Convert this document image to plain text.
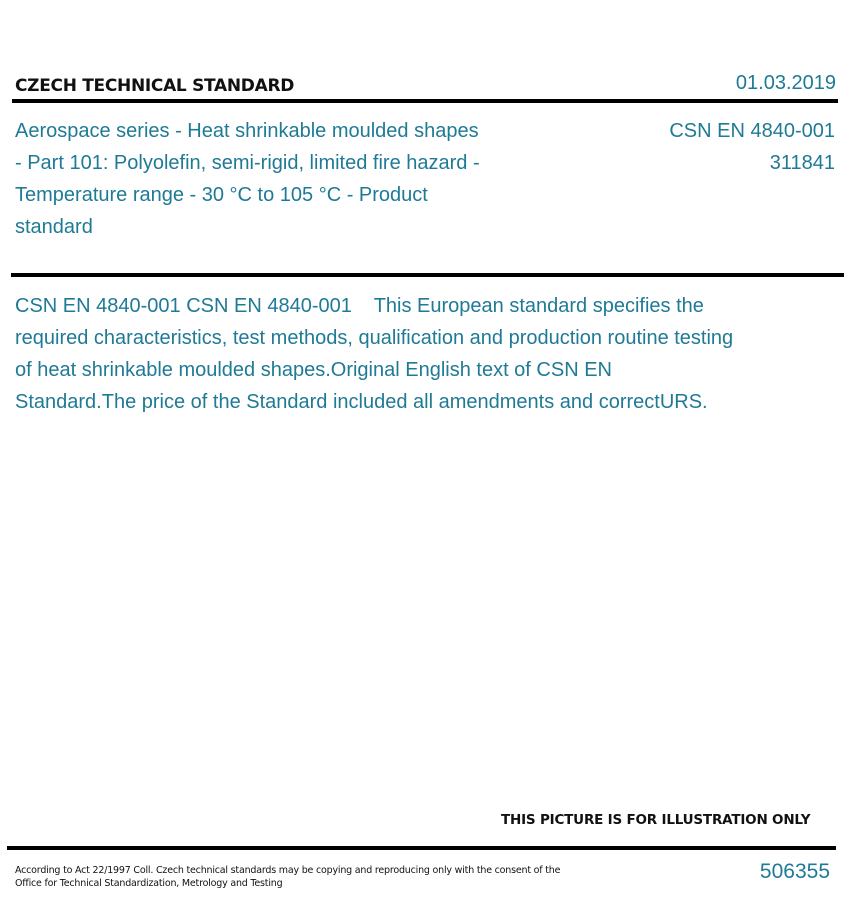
CZECH TECHNICAL STANDARD	01.03.2019
Aerospace series - Heat shrinkable moulded shapes - Part 101: Polyolefin, semi-rigid, limited fire hazard - Temperature range - 30 °C to 105 °C - Product standard
CSN EN 4840-001
311841
CSN EN 4840-001 CSN EN 4840-001    This European standard specifies the required characteristics, test methods, qualification and production routine testing of heat shrinkable moulded shapes.Original English text of CSN EN Standard.The price of the Standard included all amendments and correctURS.
THIS PICTURE IS FOR ILLUSTRATION ONLY
According to Act 22/1997 Coll. Czech technical standards may be copying and reproducing only with the consent of the Office for Technical Standardization, Metrology and Testing
506355
